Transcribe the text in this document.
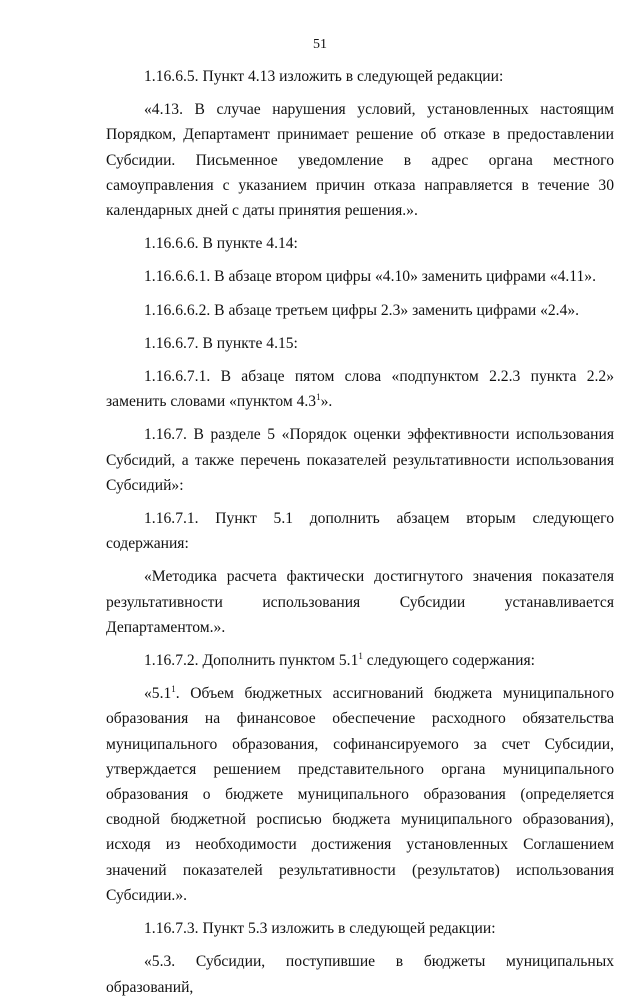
51

1.16.6.5. Пункт 4.13 изложить в следующей редакции:

«4.13. В случае нарушения условий, установленных настоящим Порядком, Департамент принимает решение об отказе в предоставлении Субсидии. Письменное уведомление в адрес органа местного самоуправления с указанием причин отказа направляется в течение 30 календарных дней с даты принятия решения.».

1.16.6.6. В пункте 4.14:

1.16.6.6.1. В абзаце втором цифры «4.10» заменить цифрами «4.11».

1.16.6.6.2. В абзаце третьем цифры 2.3» заменить цифрами «2.4».

1.16.6.7. В пункте 4.15:

1.16.6.7.1. В абзаце пятом слова «подпунктом 2.2.3 пункта 2.2» заменить словами «пунктом $4.3^1$».

1.16.7. В разделе 5 «Порядок оценки эффективности использования Субсидий, а также перечень показателей результативности использования Субсидий»:

1.16.7.1. Пункт 5.1 дополнить абзацем вторым следующего содержания:

«Методика расчета фактически достигнутого значения показателя результативности использования Субсидии устанавливается Департаментом.».

1.16.7.2. Дополнить пунктом $5.1^1$ следующего содержания:

«$5.1^1$. Объем бюджетных ассигнований бюджета муниципального образования на финансовое обеспечение расходного обязательства муниципального образования, софинансируемого за счет Субсидии, утверждается решением представительного органа муниципального образования о бюджете муниципального образования (определяется сводной бюджетной росписью бюджета муниципального образования), исходя из необходимости достижения установленных Соглашением значений показателей результативности (результатов) использования Субсидии.».

1.16.7.3. Пункт 5.3 изложить в следующей редакции:

«5.3. Субсидии, поступившие в бюджеты муниципальных образований,
